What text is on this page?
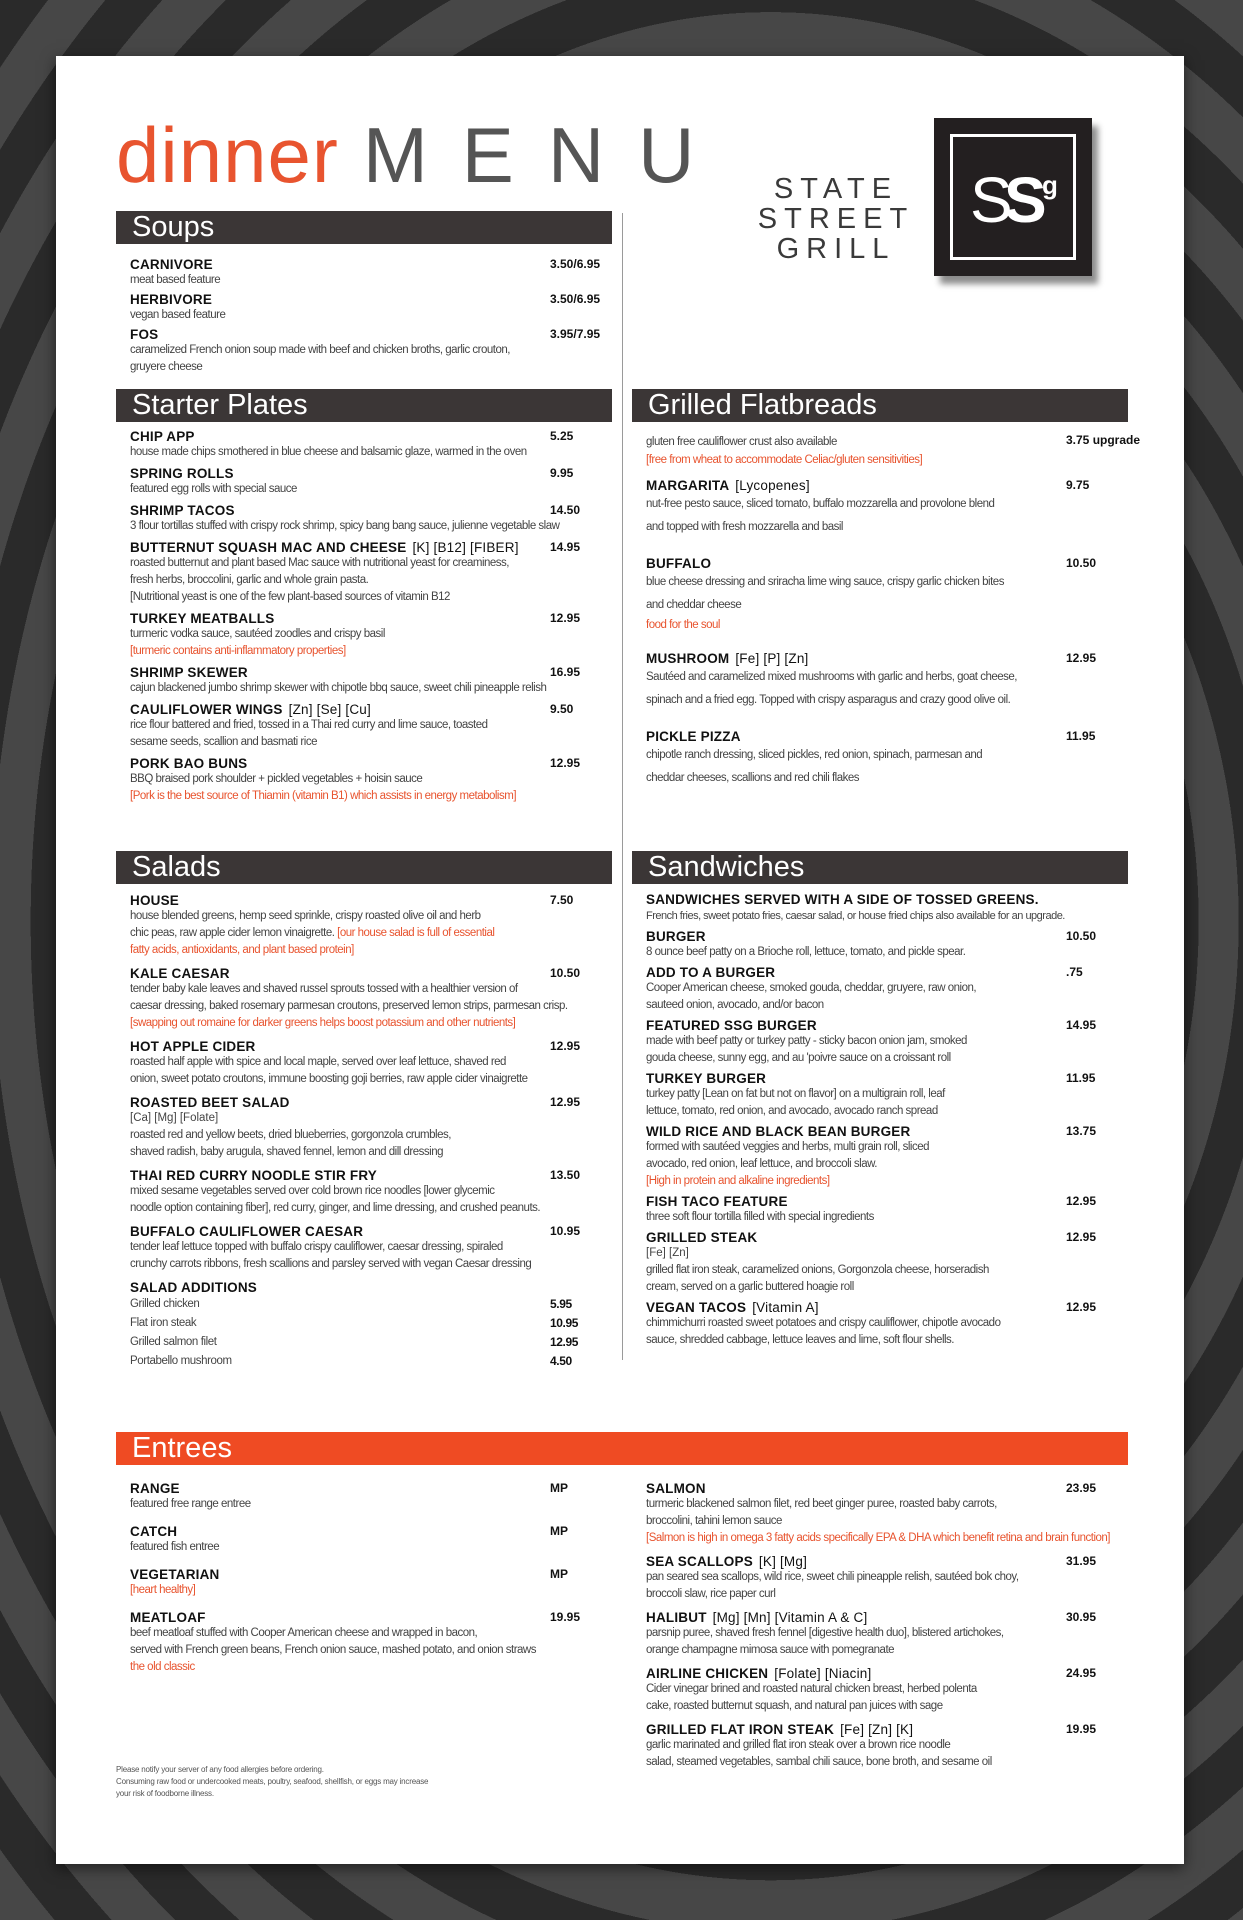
dinner MENU	STATE
STREET
GRILL
S
S
g
Soups
CARNIVORE	3.50/6.95
meat based feature
HERBIVORE	3.50/6.95
vegan based feature
FOS	3.95/7.95
caramelized French onion soup made with beef and chicken broths, garlic crouton,
gruyere cheese
Starter Plates
CHIP APP	5.25
house made chips smothered in blue cheese and balsamic glaze, warmed in the oven
SPRING ROLLS	9.95
featured egg rolls with special sauce
SHRIMP TACOS	14.50
3 flour tortillas stuffed with crispy rock shrimp, spicy bang bang sauce, julienne vegetable slaw
BUTTERNUT SQUASH MAC AND CHEESE [K] [B12] [FIBER]	14.95
roasted butternut and plant based Mac sauce with nutritional yeast for creaminess,
fresh herbs, broccolini, garlic and whole grain pasta.
[Nutritional yeast is one of the few plant-based sources of vitamin B12
TURKEY MEATBALLS	12.95
turmeric vodka sauce, sautéed zoodles and crispy basil
[turmeric contains anti-inflammatory properties]
SHRIMP SKEWER	16.95
cajun blackened jumbo shrimp skewer with chipotle bbq sauce, sweet chili pineapple relish
CAULIFLOWER WINGS [Zn] [Se] [Cu]	9.50
rice flour battered and fried, tossed in a Thai red curry and lime sauce, toasted
sesame seeds, scallion and basmati rice
PORK BAO BUNS	12.95
BBQ braised pork shoulder + pickled vegetables + hoisin sauce
[Pork is the best source of Thiamin (vitamin B1) which assists in energy metabolism]
Salads
HOUSE	7.50
house blended greens, hemp seed sprinkle, crispy roasted olive oil and herb
chic peas, raw apple cider lemon vinaigrette. [our house salad is full of essential
fatty acids, antioxidants, and plant based protein]
KALE CAESAR	10.50
tender baby kale leaves and shaved russel sprouts tossed with a healthier version of
caesar dressing, baked rosemary parmesan croutons, preserved lemon strips, parmesan crisp.
[swapping out romaine for darker greens helps boost potassium and other nutrients]
HOT APPLE CIDER	12.95
roasted half apple with spice and local maple, served over leaf lettuce, shaved red
onion, sweet potato croutons, immune boosting goji berries, raw apple cider vinaigrette
ROASTED BEET SALAD	12.95
[Ca] [Mg] [Folate]
roasted red and yellow beets, dried blueberries, gorgonzola crumbles,
shaved radish, baby arugula, shaved fennel, lemon and dill dressing
THAI RED CURRY NOODLE STIR FRY	13.50
mixed sesame vegetables served over cold brown rice noodles [lower glycemic
noodle option containing fiber], red curry, ginger, and lime dressing, and crushed peanuts.
BUFFALO CAULIFLOWER CAESAR	10.95
tender leaf lettuce topped with buffalo crispy cauliflower, caesar dressing, spiraled
crunchy carrots ribbons, fresh scallions and parsley served with vegan Caesar dressing
SALAD ADDITIONS
Grilled chicken	5.95
Flat iron steak	10.95
Grilled salmon filet	12.95
Portabello mushroom	4.50
Grilled Flatbreads
gluten free cauliflower crust also available	3.75 upgrade
[free from wheat to accommodate Celiac/gluten sensitivities]
MARGARITA [Lycopenes]	9.75
nut-free pesto sauce, sliced tomato, buffalo mozzarella and provolone blend
and topped with fresh mozzarella and basil
BUFFALO	10.50
blue cheese dressing and sriracha lime wing sauce, crispy garlic chicken bites
and cheddar cheese
food for the soul
MUSHROOM [Fe] [P] [Zn]	12.95
Sautéed and caramelized mixed mushrooms with garlic and herbs, goat cheese,
spinach and a fried egg. Topped with crispy asparagus and crazy good olive oil.
PICKLE PIZZA	11.95
chipotle ranch dressing, sliced pickles, red onion, spinach, parmesan and
cheddar cheeses, scallions and red chili flakes
Sandwiches
SANDWICHES SERVED WITH A SIDE OF TOSSED GREENS.
French fries, sweet potato fries, caesar salad, or house fried chips also available for an upgrade.
BURGER	10.50
8 ounce beef patty on a Brioche roll, lettuce, tomato, and pickle spear.
ADD TO A BURGER	.75
Cooper American cheese, smoked gouda, cheddar, gruyere, raw onion,
sauteed onion, avocado, and/or bacon
FEATURED SSG BURGER	14.95
made with beef patty or turkey patty - sticky bacon onion jam, smoked
gouda cheese, sunny egg, and au 'poivre sauce on a croissant roll
TURKEY BURGER	11.95
turkey patty [Lean on fat but not on flavor] on a multigrain roll, leaf
lettuce, tomato, red onion, and avocado, avocado ranch spread
WILD RICE AND BLACK BEAN BURGER	13.75
formed with sautéed veggies and herbs, multi grain roll, sliced
avocado, red onion, leaf lettuce, and broccoli slaw.
[High in protein and alkaline ingredients]
FISH TACO FEATURE	12.95
three soft flour tortilla filled with special ingredients
GRILLED STEAK	12.95
[Fe] [Zn]
grilled flat iron steak, caramelized onions, Gorgonzola cheese, horseradish
cream, served on a garlic buttered hoagie roll
VEGAN TACOS [Vitamin A]	12.95
chimmichurri roasted sweet potatoes and crispy cauliflower, chipotle avocado
sauce, shredded cabbage, lettuce leaves and lime, soft flour shells.
Entrees
RANGE	MP
featured free range entree
CATCH	MP
featured fish entree
VEGETARIAN	MP
[heart healthy]
MEATLOAF	19.95
beef meatloaf stuffed with Cooper American cheese and wrapped in bacon,
served with French green beans, French onion sauce, mashed potato, and onion straws
the old classic
SALMON	23.95
turmeric blackened salmon filet, red beet ginger puree, roasted baby carrots,
broccolini, tahini lemon sauce
[Salmon is high in omega 3 fatty acids specifically EPA & DHA which benefit retina and brain function]
SEA SCALLOPS [K] [Mg]	31.95
pan seared sea scallops, wild rice, sweet chili pineapple relish, sautéed bok choy,
broccoli slaw, rice paper curl
HALIBUT [Mg] [Mn] [Vitamin A & C]	30.95
parsnip puree, shaved fresh fennel [digestive health duo], blistered artichokes,
orange champagne mimosa sauce with pomegranate
AIRLINE CHICKEN [Folate] [Niacin]	24.95
Cider vinegar brined and roasted natural chicken breast, herbed polenta
cake, roasted butternut squash, and natural pan juices with sage
GRILLED FLAT IRON STEAK [Fe] [Zn] [K]	19.95
garlic marinated and grilled flat iron steak over a brown rice noodle
salad, steamed vegetables, sambal chili sauce, bone broth, and sesame oil
Please notify your server of any food allergies before ordering.
Consuming raw food or undercooked meats, poultry, seafood, shellfish, or eggs may increase
your risk of foodborne illness.
